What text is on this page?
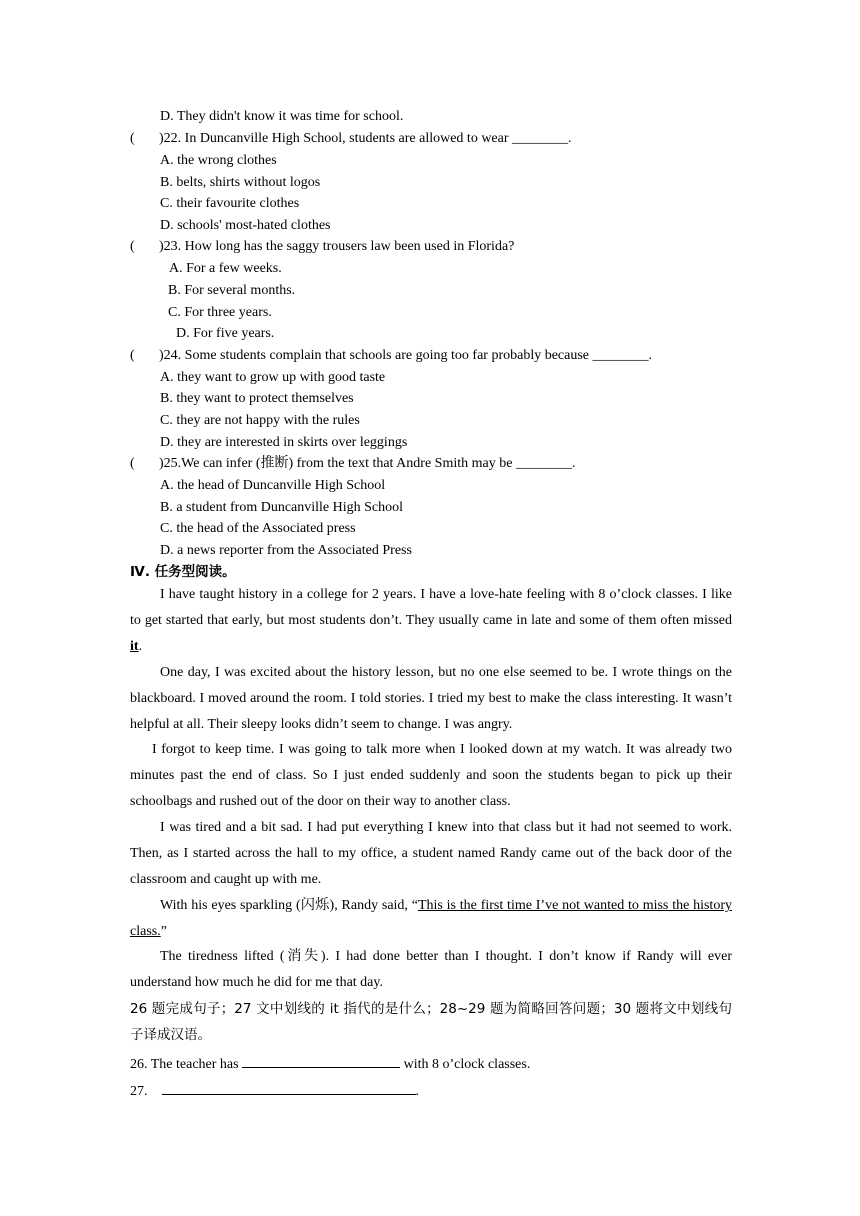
D. They didn't know it was time for school.
( )22. In Duncanville High School, students are allowed to wear ________.
A. the wrong clothes
B. belts, shirts without logos
C. their favourite clothes
D. schools' most-hated clothes
( )23. How long has the saggy trousers law been used in Florida?
A. For a few weeks.
B. For several months.
C. For three years.
D. For five years.
( )24. Some students complain that schools are going too far probably because ________.
A. they want to grow up with good taste
B. they want to protect themselves
C. they are not happy with the rules
D. they are interested in skirts over leggings
( )25.We can infer (推断) from the text that Andre Smith may be ________.
A. the head of Duncanville High School
B. a student from Duncanville High School
C. the head of the Associated press
D. a news reporter from the Associated Press
Ⅳ. 任务型阅读。
I have taught history in a college for 2 years. I have a love-hate feeling with 8 o’clock classes. I like to get started that early, but most students don’t. They usually came in late and some of them often missed it.
One day, I was excited about the history lesson, but no one else seemed to be. I wrote things on the blackboard. I moved around the room. I told stories. I tried my best to make the class interesting. It wasn’t helpful at all. Their sleepy looks didn’t seem to change. I was angry.
I forgot to keep time. I was going to talk more when I looked down at my watch. It was already two minutes past the end of class. So I just ended suddenly and soon the students began to pick up their schoolbags and rushed out of the door on their way to another class.
I was tired and a bit sad. I had put everything I knew into that class but it had not seemed to work. Then, as I started across the hall to my office, a student named Randy came out of the back door of the classroom and caught up with me.
With his eyes sparkling (闪烁), Randy said, “This is the first time I’ve not wanted to miss the history class.”
The tiredness lifted (消失). I had done better than I thought. I don’t know if Randy will ever understand how much he did for me that day.
26 题完成句子；27 文中划线的 it 指代的是什么；28~29 题为简略回答问题；30 题将文中划线句子译成汉语。
26. The teacher has	with 8 o’clock classes.
27.	.
